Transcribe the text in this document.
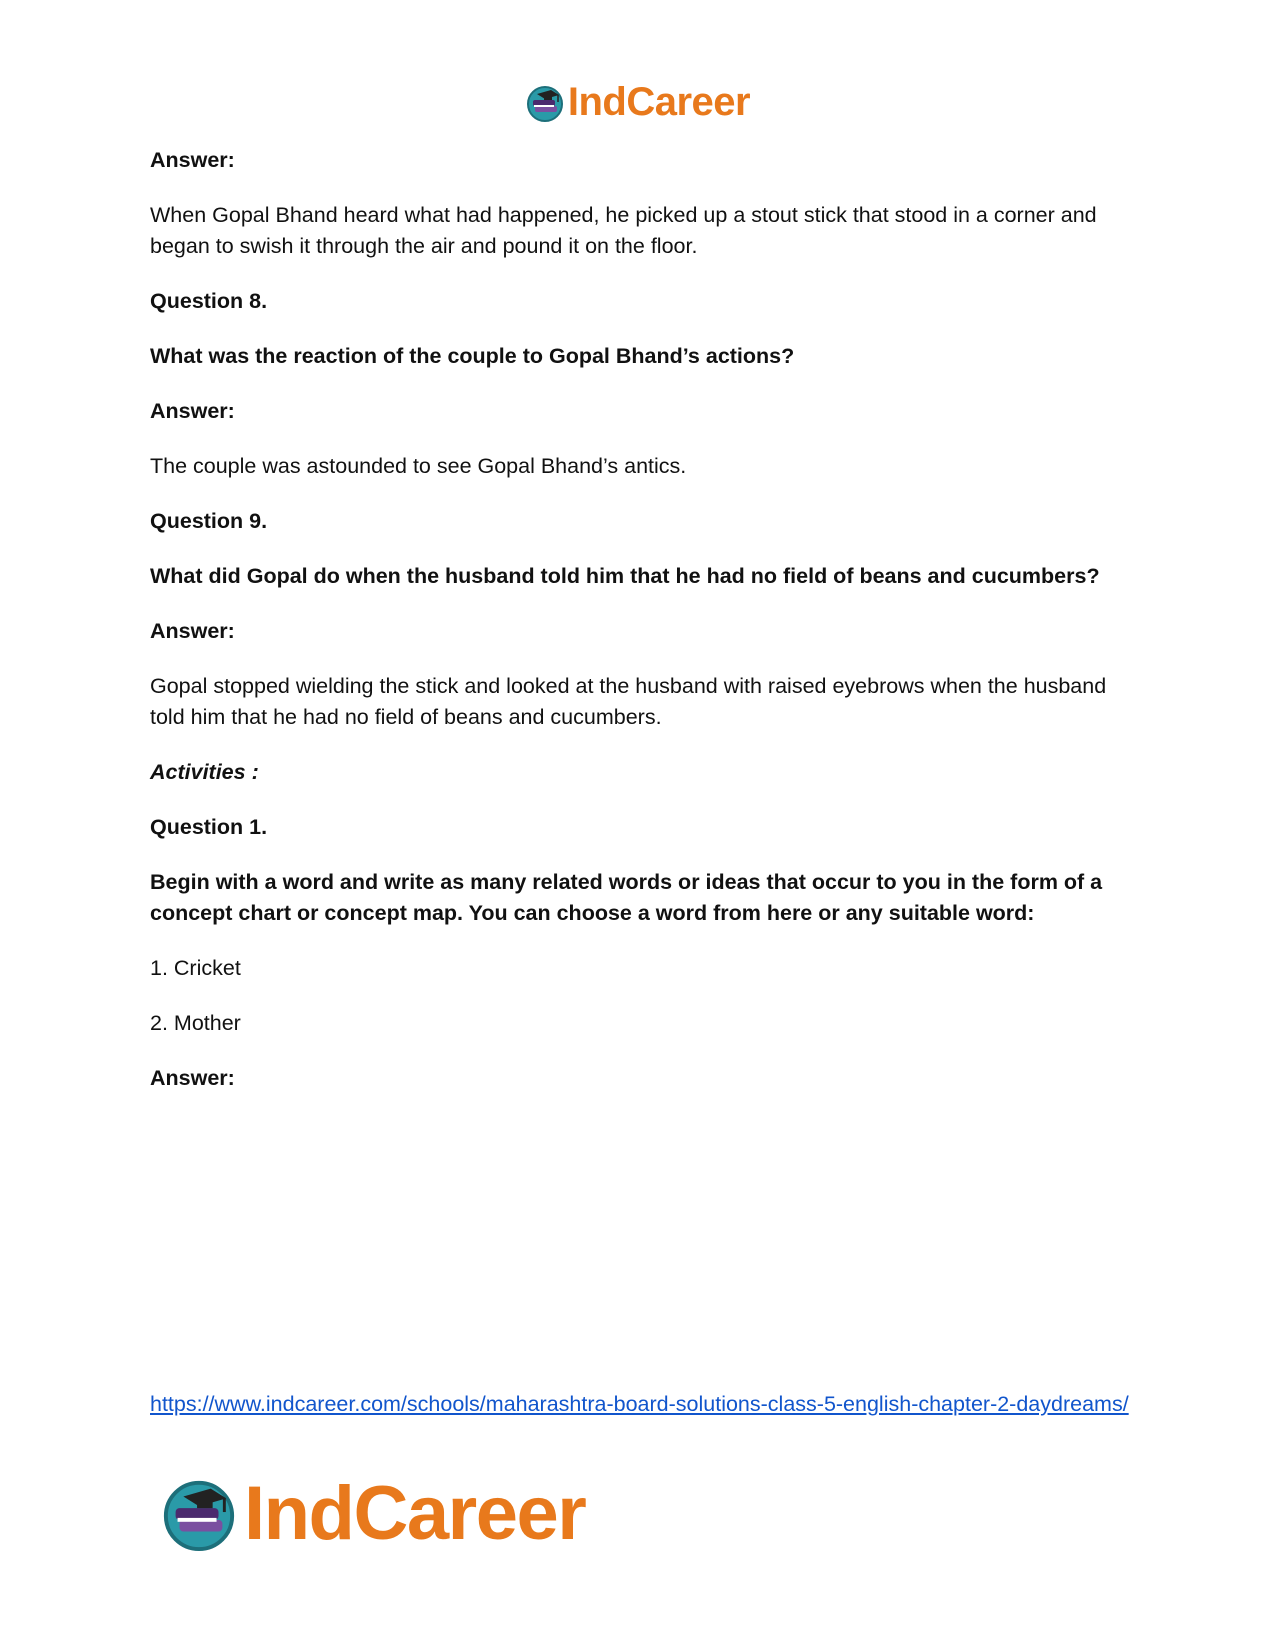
IndCareer

Answer:

When Gopal Bhand heard what had happened, he picked up a stout stick that stood in a corner and began to swish it through the air and pound it on the floor.

Question 8.

What was the reaction of the couple to Gopal Bhand’s actions?

Answer:

The couple was astounded to see Gopal Bhand’s antics.

Question 9.

What did Gopal do when the husband told him that he had no field of beans and cucumbers?

Answer:

Gopal stopped wielding the stick and looked at the husband with raised eyebrows when the husband told him that he had no field of beans and cucumbers.

Activities :

Question 1.

Begin with a word and write as many related words or ideas that occur to you in the form of a concept chart or concept map. You can choose a word from here or any suitable word:

1. Cricket

2. Mother

Answer:

https://www.indcareer.com/schools/maharashtra-board-solutions-class-5-english-chapter-2-daydreams/
IndCareer
